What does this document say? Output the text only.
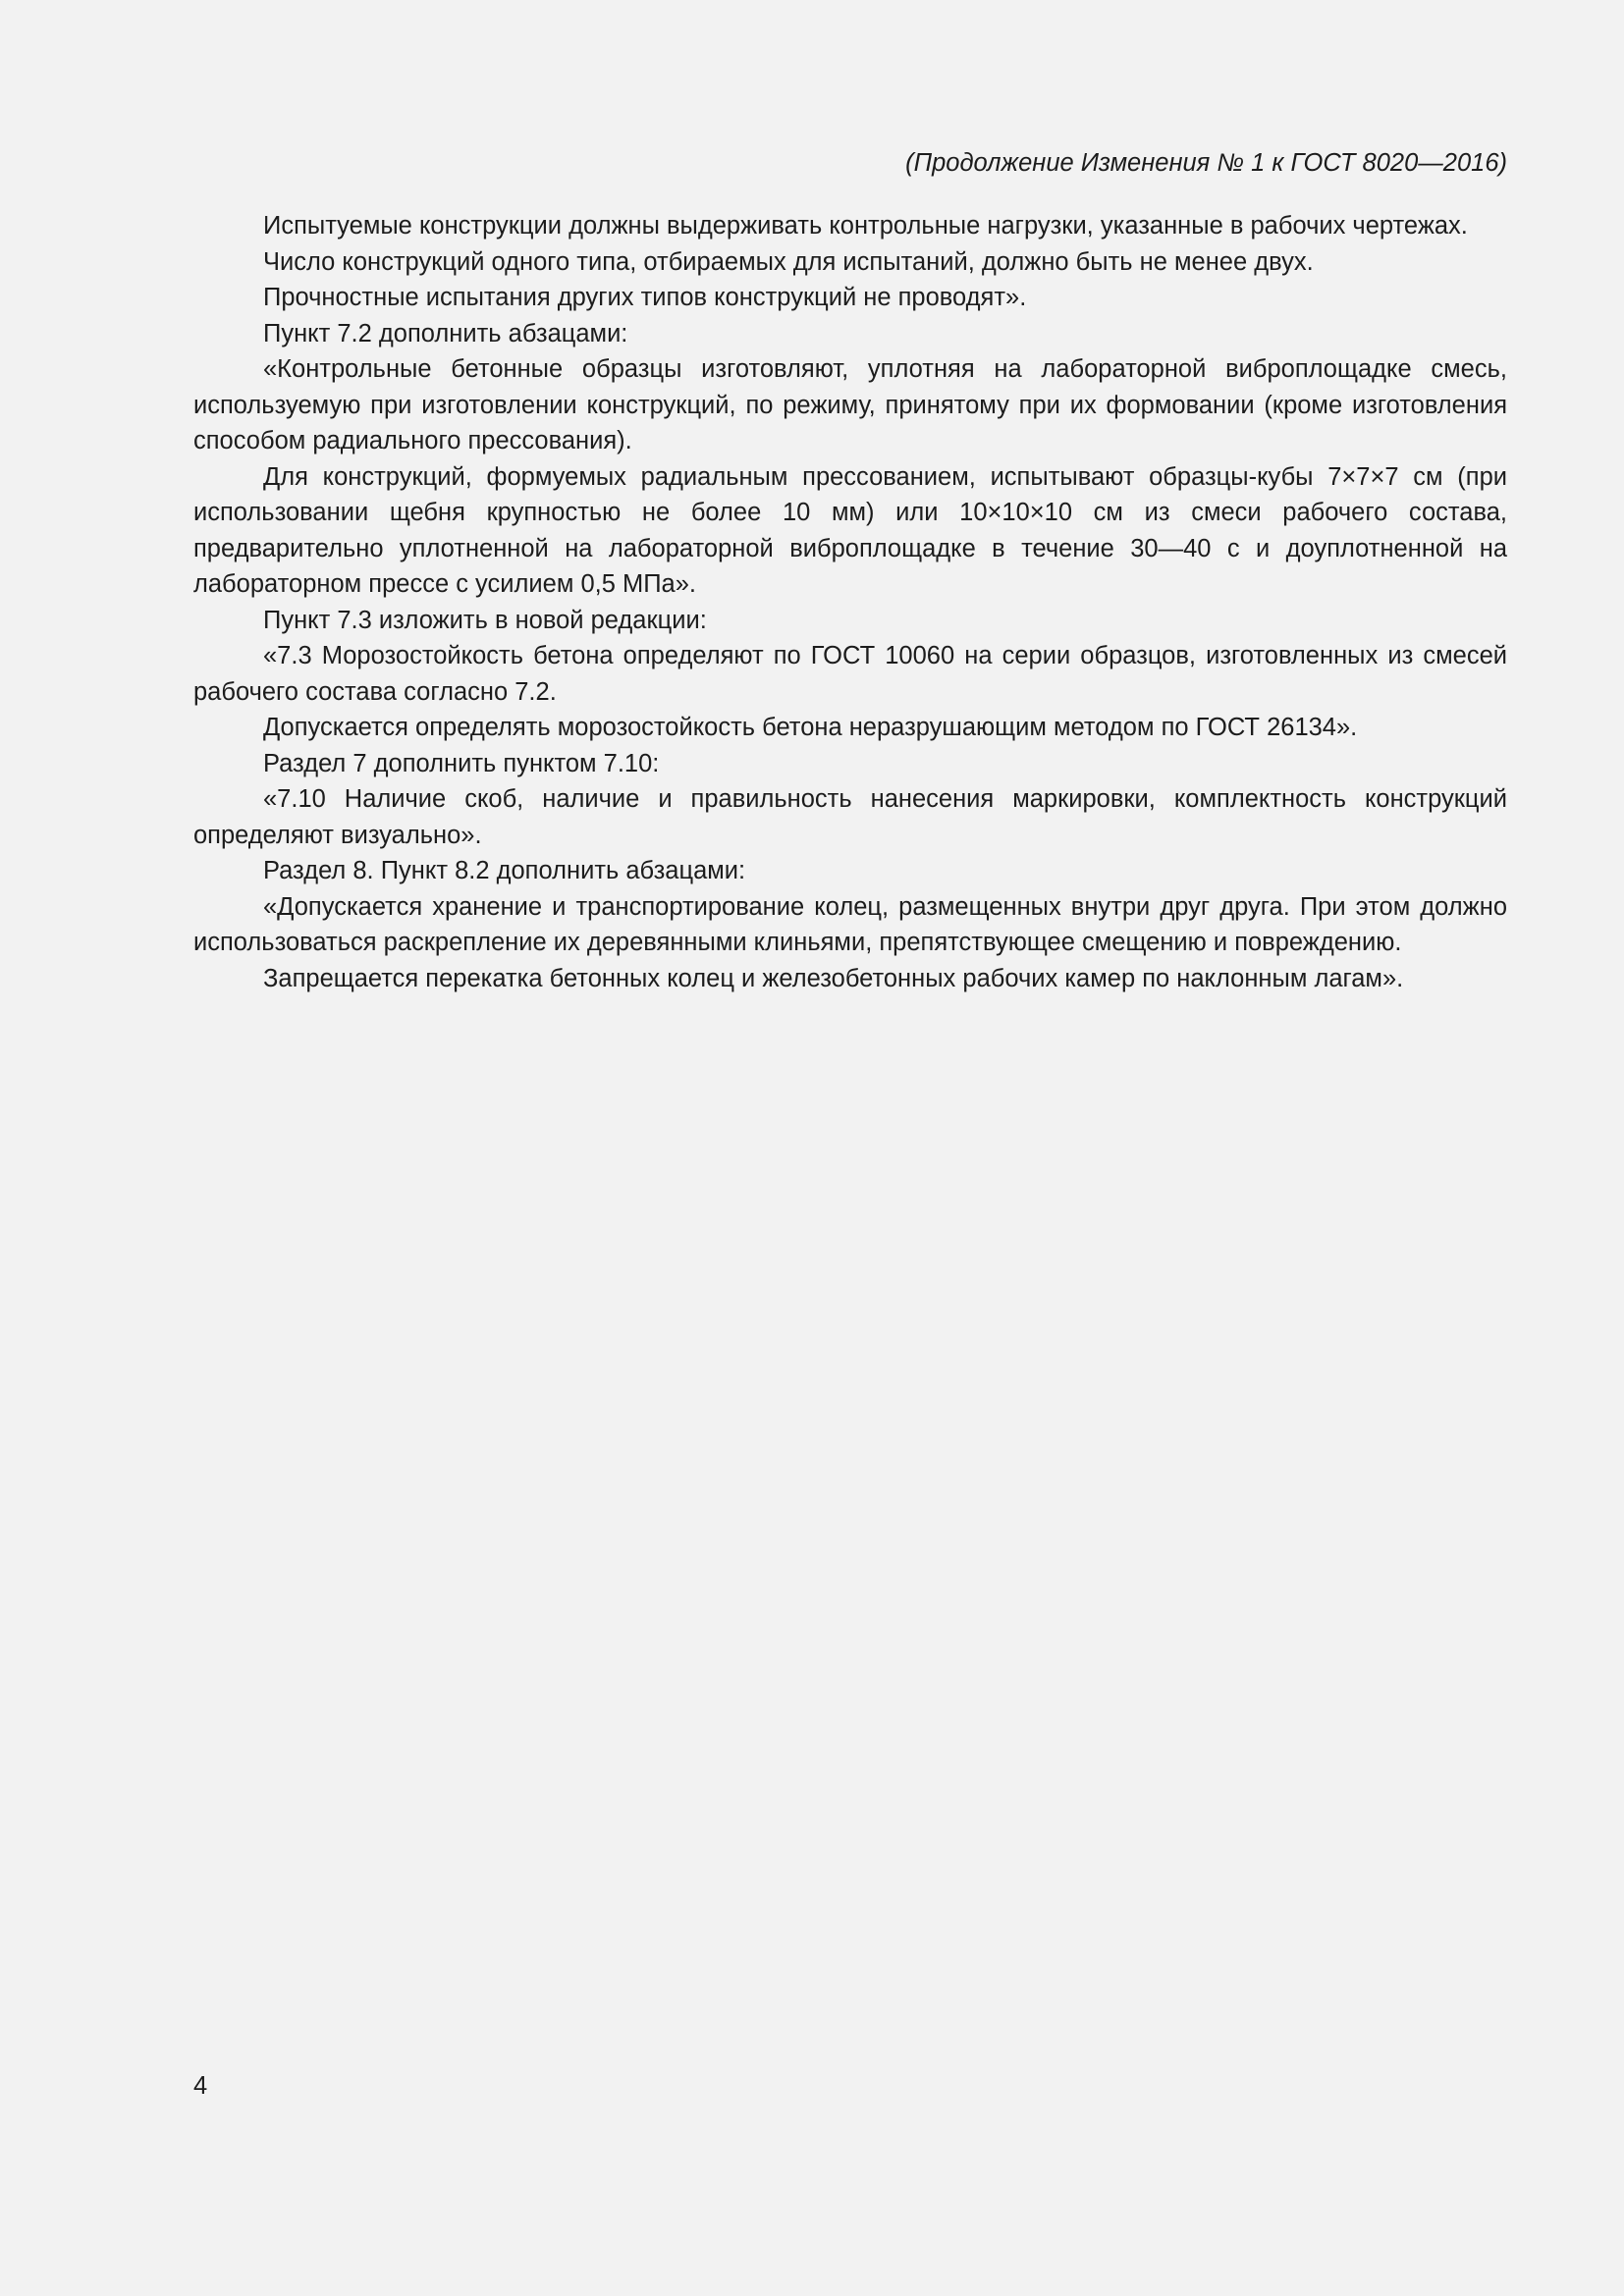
(Продолжение Изменения № 1 к ГОСТ 8020—2016)

Испытуемые конструкции должны выдерживать контрольные нагрузки, указанные в рабочих чертежах.

Число конструкций одного типа, отбираемых для испытаний, должно быть не менее двух.

Прочностные испытания других типов конструкций не проводят».

Пункт 7.2 дополнить абзацами:

«Контрольные бетонные образцы изготовляют, уплотняя на лабораторной виброплощадке смесь, используемую при изготовлении конструкций, по режиму, принятому при их формовании (кроме изготовления способом радиального прессования).

Для конструкций, формуемых радиальным прессованием, испытывают образцы-кубы 7×7×7 см (при использовании щебня крупностью не более 10 мм) или 10×10×10 см из смеси рабочего состава, предварительно уплотненной на лабораторной виброплощадке в течение 30—40 с и доуплотненной на лабораторном прессе с усилием 0,5 МПа».

Пункт 7.3 изложить в новой редакции:

«7.3 Морозостойкость бетона определяют по ГОСТ 10060 на серии образцов, изготовленных из смесей рабочего состава согласно 7.2.

Допускается определять морозостойкость бетона неразрушающим методом по ГОСТ 26134».

Раздел 7 дополнить пунктом 7.10:

«7.10 Наличие скоб, наличие и правильность нанесения маркировки, комплектность конструкций определяют визуально».

Раздел 8. Пункт 8.2 дополнить абзацами:

«Допускается хранение и транспортирование колец, размещенных внутри друг друга. При этом должно использоваться раскрепление их деревянными клиньями, препятствующее смещению и повреждению.

Запрещается перекатка бетонных колец и железобетонных рабочих камер по наклонным лагам».

4
